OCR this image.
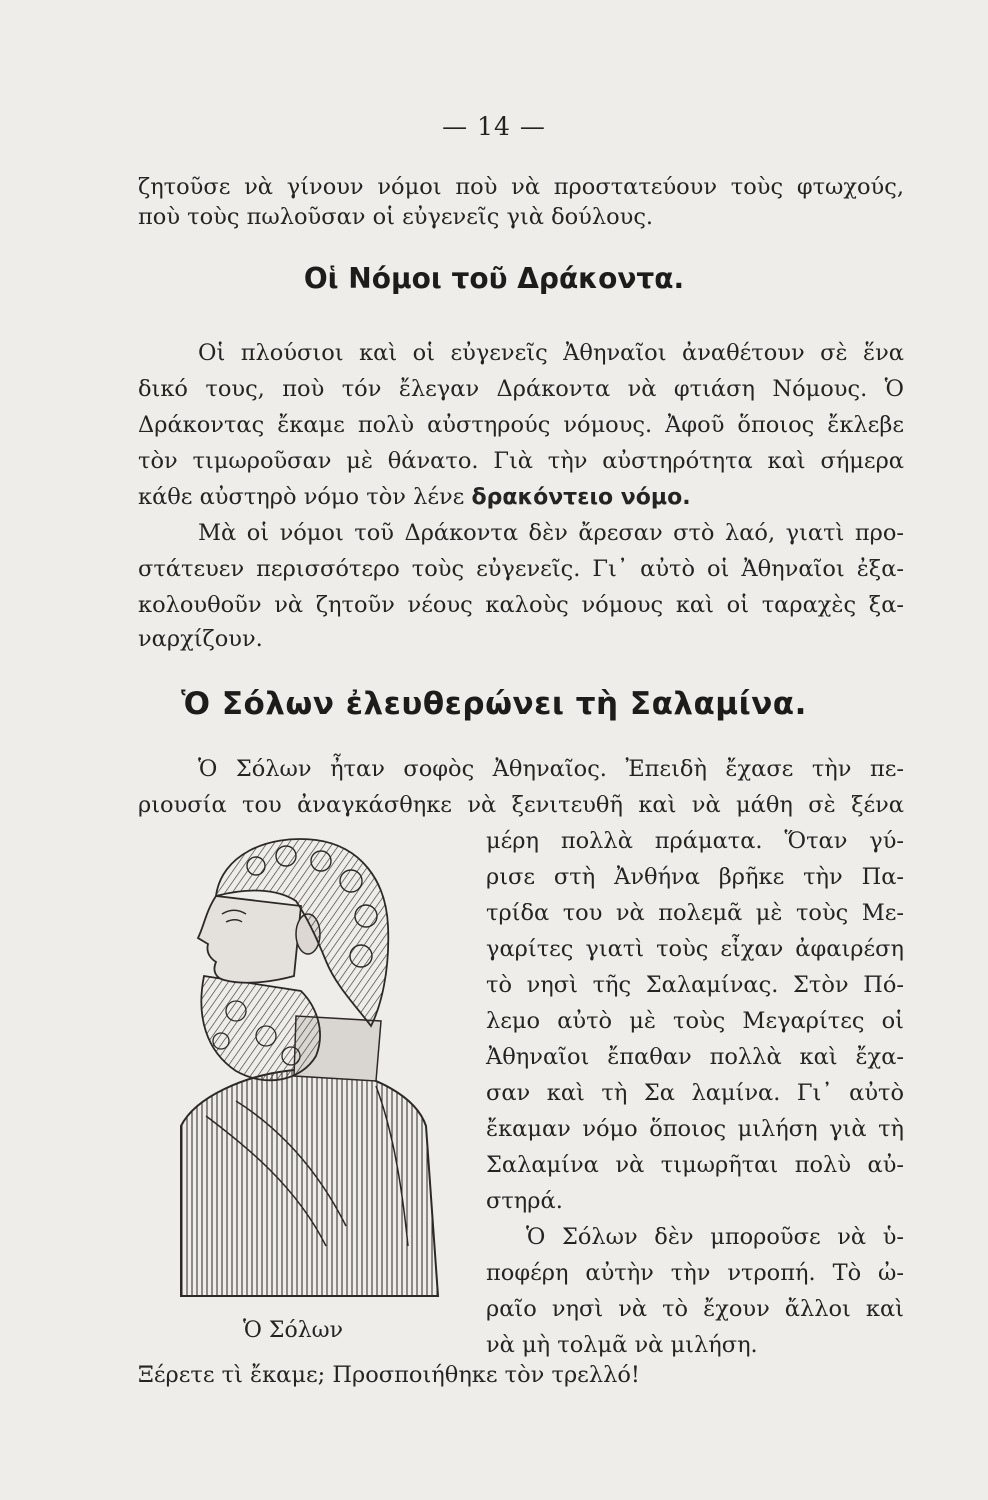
— 14 —
ζητοῦσε νὰ γίνουν νόμοι ποὺ νὰ προστατεύουν τοὺς φτωχούς,
ποὺ τοὺς πωλοῦσαν οἱ εὐγενεῖς γιὰ δούλους.
Οἱ Νόμοι τοῦ Δράκοντα.
Οἱ πλούσιοι καὶ οἱ εὐγενεῖς Ἀθηναῖοι ἀναθέτουν σὲ ἕνα
δικό τους, ποὺ τόν ἔλεγαν Δράκοντα νὰ φτιάση Νόμους. Ὁ
Δράκοντας ἔκαμε πολὺ αὐστηρούς νόμους. Ἀφοῦ ὅποιος ἔκλεβε
τὸν τιμωροῦσαν μὲ θάνατο. Γιὰ τὴν αὐστηρότητα καὶ σήμερα
κάθε αὐστηρὸ νόμο τὸν λένε δρακόντειο νόμο.
Μὰ οἱ νόμοι τοῦ Δράκοντα δὲν ἄρεσαν στὸ λαό, γιατὶ προ-
στάτευεν περισσότερο τοὺς εὐγενεῖς. Γι᾿ αὐτὸ οἱ Ἀθηναῖοι ἐξα-
κολουθοῦν νὰ ζητοῦν νέους καλοὺς νόμους καὶ οἱ ταραχὲς ξα-
ναρχίζουν.
Ὁ Σόλων ἐλευθερώνει τὴ Σαλαμίνα.
Ὁ Σόλων ἦταν σοφὸς Ἀθηναῖος. Ἐπειδὴ ἔχασε τὴν πε-
ριουσία του ἀναγκάσθηκε νὰ ξενιτευθῆ καὶ νὰ μάθη σὲ ξένα
μέρη πολλὰ πράματα. Ὅταν γύ-
ρισε στὴ Ἀνθήνα βρῆκε τὴν Πα-
τρίδα του νὰ πολεμᾶ μὲ τοὺς Με-
γαρίτες γιατὶ τοὺς εἶχαν ἀφαιρέση
τὸ νησὶ τῆς Σαλαμίνας. Στὸν Πό-
λεμο αὐτὸ μὲ τοὺς Μεγαρίτες οἱ
Ἀθηναῖοι ἔπαθαν πολλὰ καὶ ἔχα-
σαν καὶ τὴ Σα λαμίνα. Γι᾿ αὐτὸ
ἔκαμαν νόμο ὅποιος μιλήση γιὰ τὴ
Σαλαμίνα νὰ τιμωρῆται πολὺ αὐ-
στηρά.
Ὁ Σόλων δὲν μποροῦσε νὰ ὑ-
ποφέρη αὐτὴν τὴν ντροπή. Τὸ ὠ-
ραῖο νησὶ νὰ τὸ ἔχουν ἄλλοι καὶ
νὰ μὴ τολμᾶ νὰ μιλήση.
Ὁ Σόλων
Ξέρετε τὶ ἔκαμε; Προσποιήθηκε τὸν τρελλό!
